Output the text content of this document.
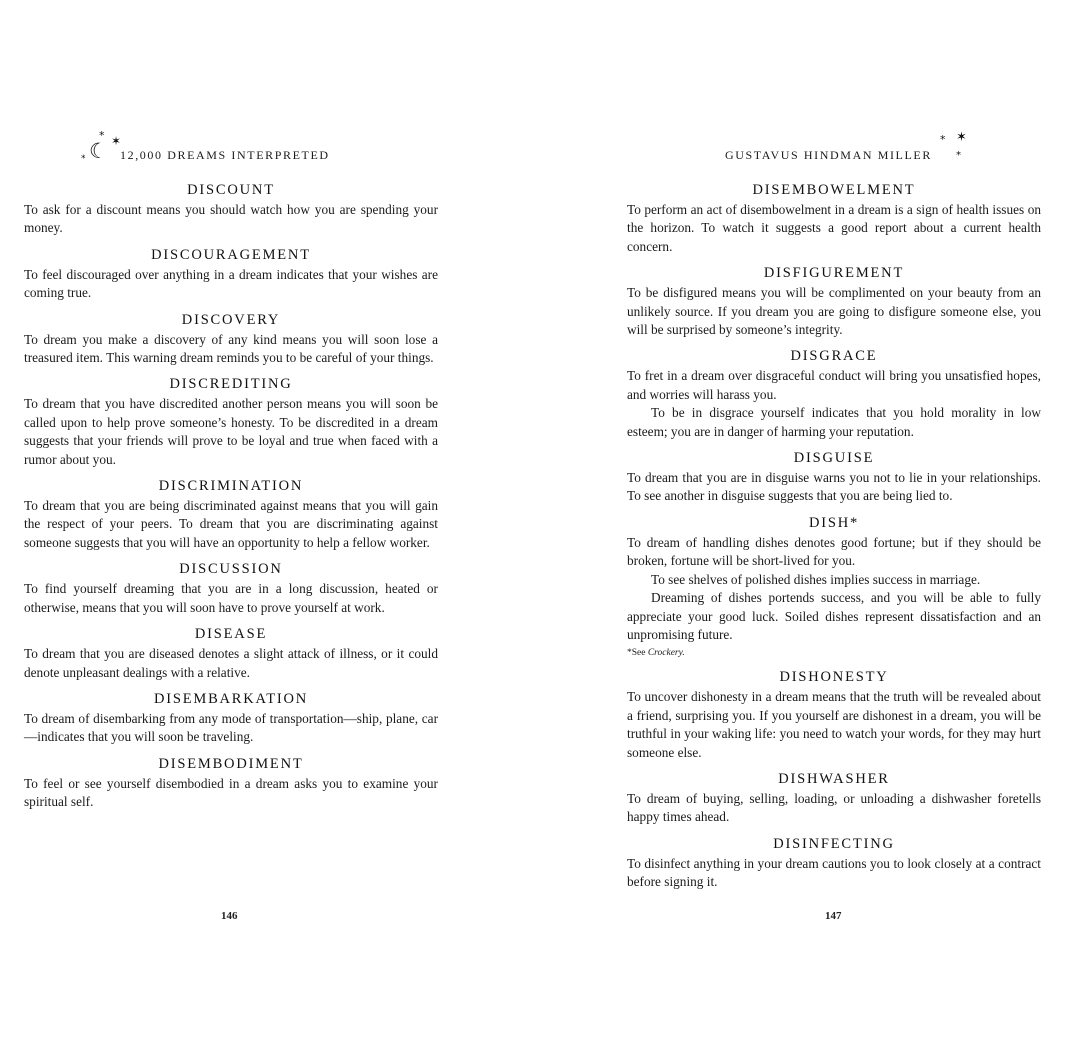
* ✶
☾
*	12,000 DREAMS INTERPRETED
DISCOUNT

To ask for a discount means you should watch how you are spending your money.

DISCOURAGEMENT

To feel discouraged over anything in a dream indicates that your wishes are coming true.

DISCOVERY

To dream you make a discovery of any kind means you will soon lose a treasured item. This warning dream reminds you to be careful of your things.

DISCREDITING

To dream that you have discredited another person means you will soon be called upon to help prove someone’s honesty. To be discredited in a dream suggests that your friends will prove to be loyal and true when faced with a rumor about you.

DISCRIMINATION

To dream that you are being discriminated against means that you will gain the respect of your peers. To dream that you are discriminating against someone suggests that you will have an opportunity to help a fellow worker.

DISCUSSION

To find yourself dreaming that you are in a long discussion, heated or otherwise, means that you will soon have to prove yourself at work.

DISEASE

To dream that you are diseased denotes a slight attack of illness, or it could denote unpleasant dealings with a relative.

DISEMBARKATION

To dream of disembarking from any mode of transportation—ship, plane, car—indicates that you will soon be traveling.

DISEMBODIMENT

To feel or see yourself disembodied in a dream asks you to examine your spiritual self.

146
GUSTAVUS HINDMAN MILLER
* ✶
*
DISEMBOWELMENT

To perform an act of disembowelment in a dream is a sign of health issues on the horizon. To watch it suggests a good report about a current health concern.

DISFIGUREMENT

To be disfigured means you will be complimented on your beauty from an unlikely source. If you dream you are going to disfigure someone else, you will be surprised by someone’s integrity.

DISGRACE

To fret in a dream over disgraceful conduct will bring you unsatisfied hopes, and worries will harass you.

To be in disgrace yourself indicates that you hold morality in low esteem; you are in danger of harming your reputation.

DISGUISE

To dream that you are in disguise warns you not to lie in your relationships. To see another in disguise suggests that you are being lied to.

DISH*

To dream of handling dishes denotes good fortune; but if they should be broken, fortune will be short-lived for you.

To see shelves of polished dishes implies success in marriage.

Dreaming of dishes portends success, and you will be able to fully appreciate your good luck. Soiled dishes represent dissatisfaction and an unpromising future.

*See Crockery.

DISHONESTY

To uncover dishonesty in a dream means that the truth will be revealed about a friend, surprising you. If you yourself are dishonest in a dream, you will be truthful in your waking life: you need to watch your words, for they may hurt someone else.

DISHWASHER

To dream of buying, selling, loading, or unloading a dishwasher foretells happy times ahead.

DISINFECTING

To disinfect anything in your dream cautions you to look closely at a contract before signing it.

147
